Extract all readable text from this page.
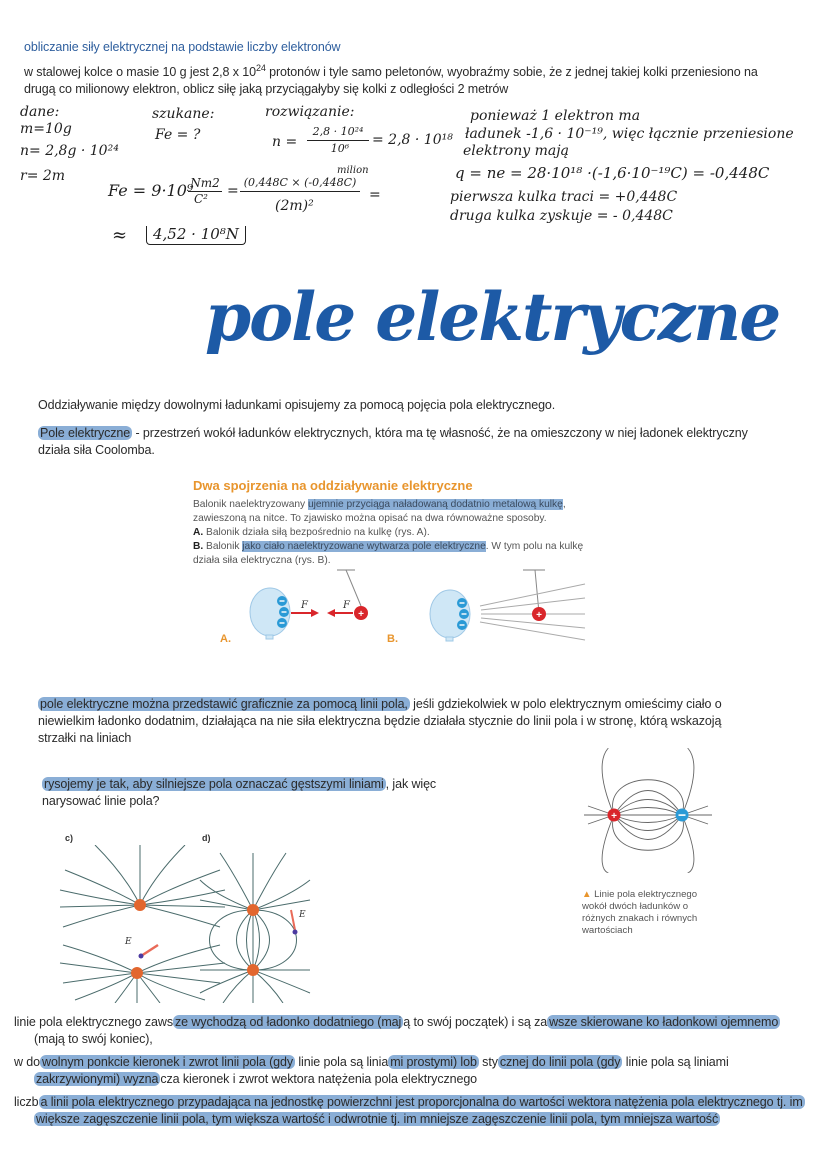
obliczanie siły elektrycznej na podstawie liczby elektronów
w stalowej kolce o masie 10 g jest 2,8 x $10^{24}$ protonów i tyle samo peletonów, wyobraźmy sobie, że z jednej takiej kolki przeniesiono na
drugą co milionowy elektron, oblicz siłę jaką przyciągałyby się kolki z odległości 2 metrów
dane:
m=10g
n= 2,8g · 10²⁴
r= 2m
szukane:
Fe = ?
rozwiązanie:
n =
2,8 · 10²⁴
10⁶
= 2,8 · 10¹⁸
milion
Fe = 9·10⁹
Nm2
C² =
(0,448C × (-0,448C)
(2m)²
=
≈	4,52 · 10⁸N
ponieważ 1 elektron ma
ładunek -1,6 · 10⁻¹⁹, więc łącznie przeniesione
elektrony mają
q = ne = 28·10¹⁸ ·(-1,6·10⁻¹⁹C) = -0,448C
pierwsza kulka traci = +0,448C
druga kulka zyskuje = - 0,448C
pole elektryczne
Oddziaływanie między dowolnymi ładunkami opisujemy za pomocą pojęcia pola elektrycznego.
Pole elektryczne - przestrzeń wokół ładunków elektrycznych, która ma tę własność, że na omieszczony w niej ładonek elektryczny
działa siła Coolomba.
Dwa spojrzenia na oddziaływanie elektryczne
Balonik naelektryzowany ujemnie przyciąga naładowaną dodatnio metalową kulkę,
zawieszoną na nitce. To zjawisko można opisać na dwa równoważne sposoby.
A. Balonik działa siłą bezpośrednio na kulkę (rys. A).
B. Balonik jako ciało naelektryzowane wytwarza pole elektryczne. W tym polu na kulkę
działa siła elektryczna (rys. B).
+
F	F
A.
+
B.
pole elektryczne można przedstawić graficznie za pomocą linii pola, jeśli gdziekolwiek w polo elektrycznym omieścimy ciało o
niewielkim ładonko dodatnim, działająca na nie siła elektryczna będzie działała stycznie do linii pola i w stronę, którą wskazoją
strzałki na liniach
rysojemy je tak, aby silniejsze pola oznaczać gęstszymi liniami , jak więc
narysować linie pola?
+
▲ Linie pola elektrycznego wokół dwóch ładunków o różnych znakach i równych wartościach
c)	d)
E
E
linie pola elektrycznego zaws ze wychodzą od ładonko dodatniego (maj ą to swój początek) i są za wsze skierowane ko ładonkowi ojemnemo (mają to swój koniec),
w do wolnym ponkcie kieronek i zwrot linii pola (gdy linie pola są linia mi prostymi) lob sty cznej do linii pola (gdy linie pola są liniami zakrzywionymi) wyzna cza kieronek i zwrot wektora natężenia pola elektrycznego
liczb a linii pola elektrycznego przypadająca na jednostkę powierzchni jest proporcjonalna do wartości wektora natężenia pola elektrycznego tj. im większe zagęszczenie linii pola, tym większa wartość i odwrotnie tj. im mniejsze zagęszczenie linii pola, tym mniejsza wartość
